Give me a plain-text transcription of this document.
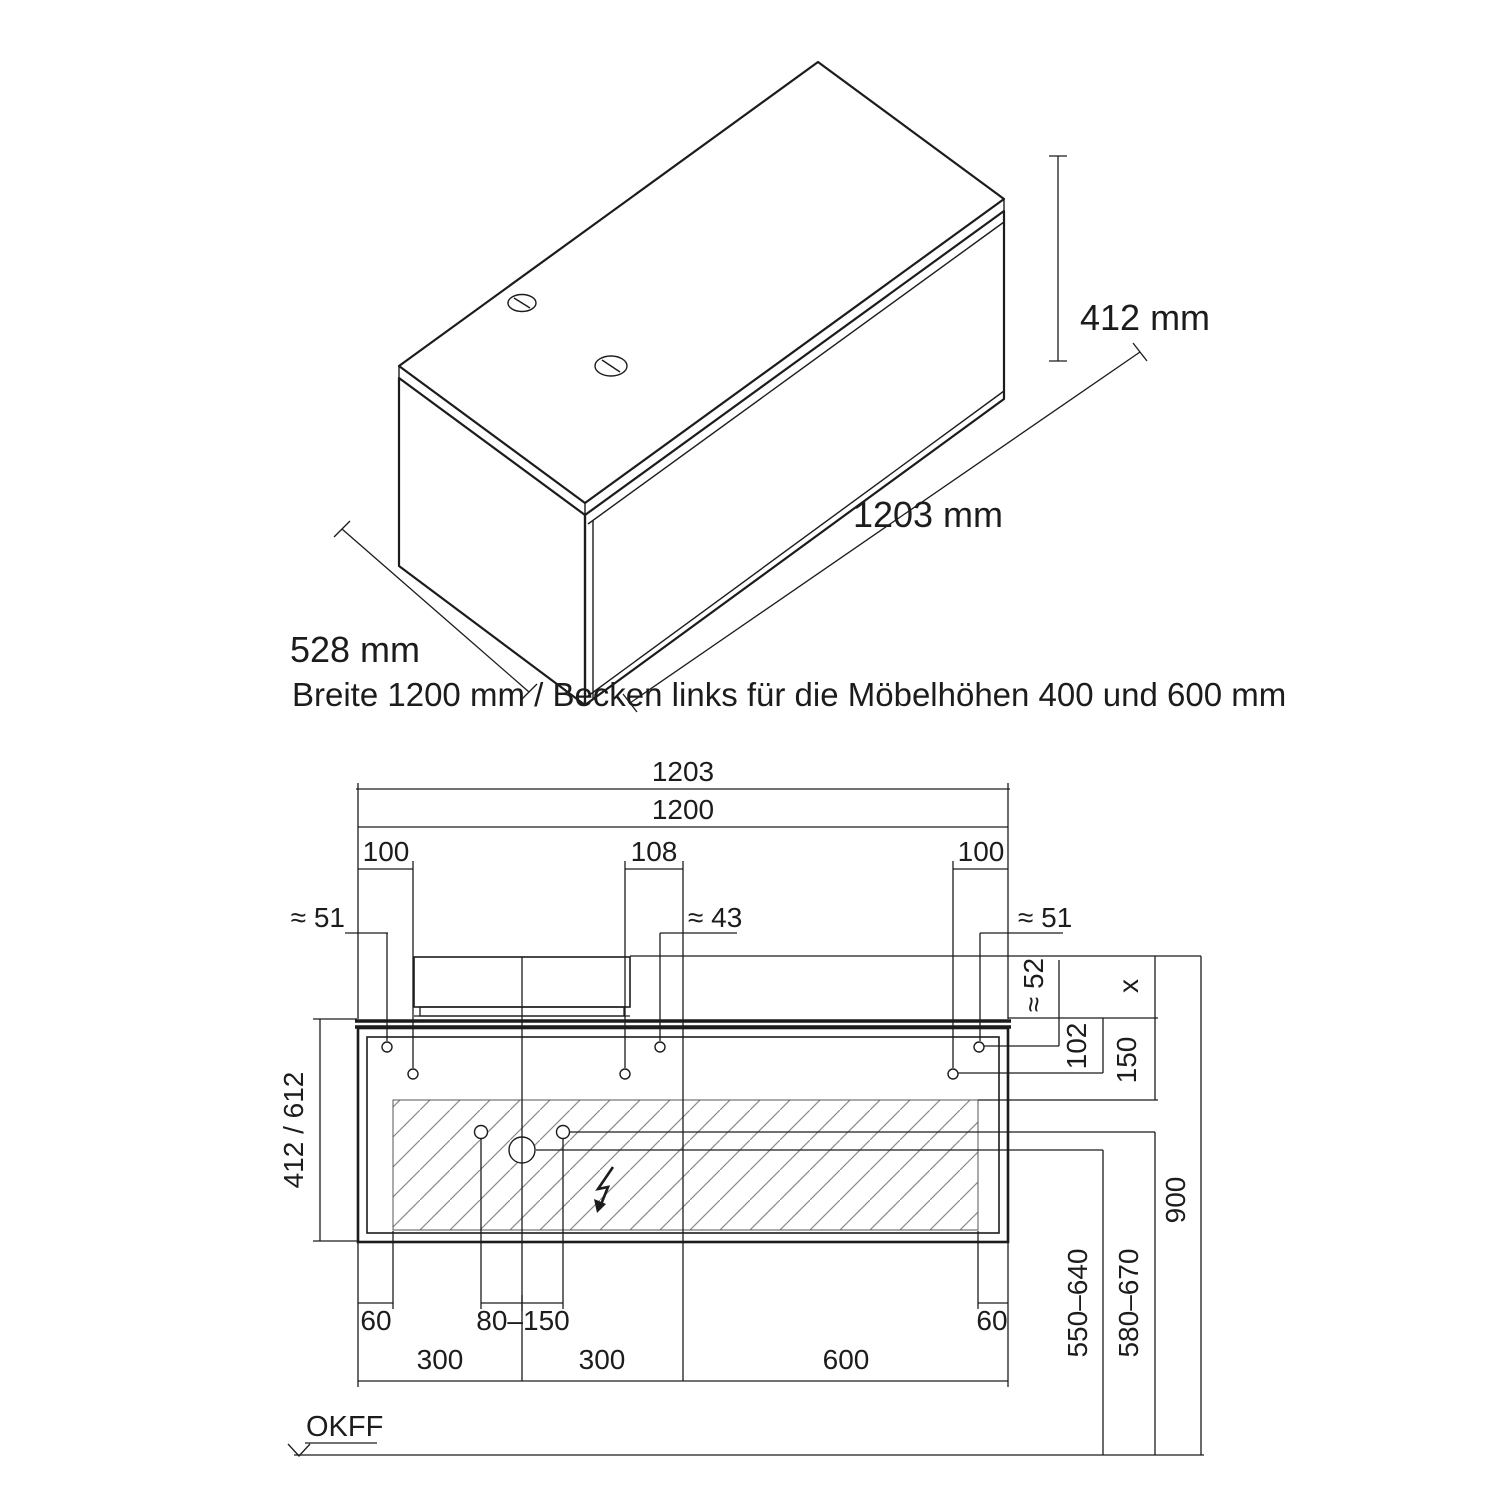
412 mm
1203 mm
528 mm
Breite 1200 mm / Becken links für die Möbelhöhen 400 und 600 mm
OKFF
1203
1200
100	108	100
≈ 51	≈ 43	≈ 51
≈ 52 x
102 150
412 / 612
60	80–150	60
300	300	600
550–640 580–670
900
